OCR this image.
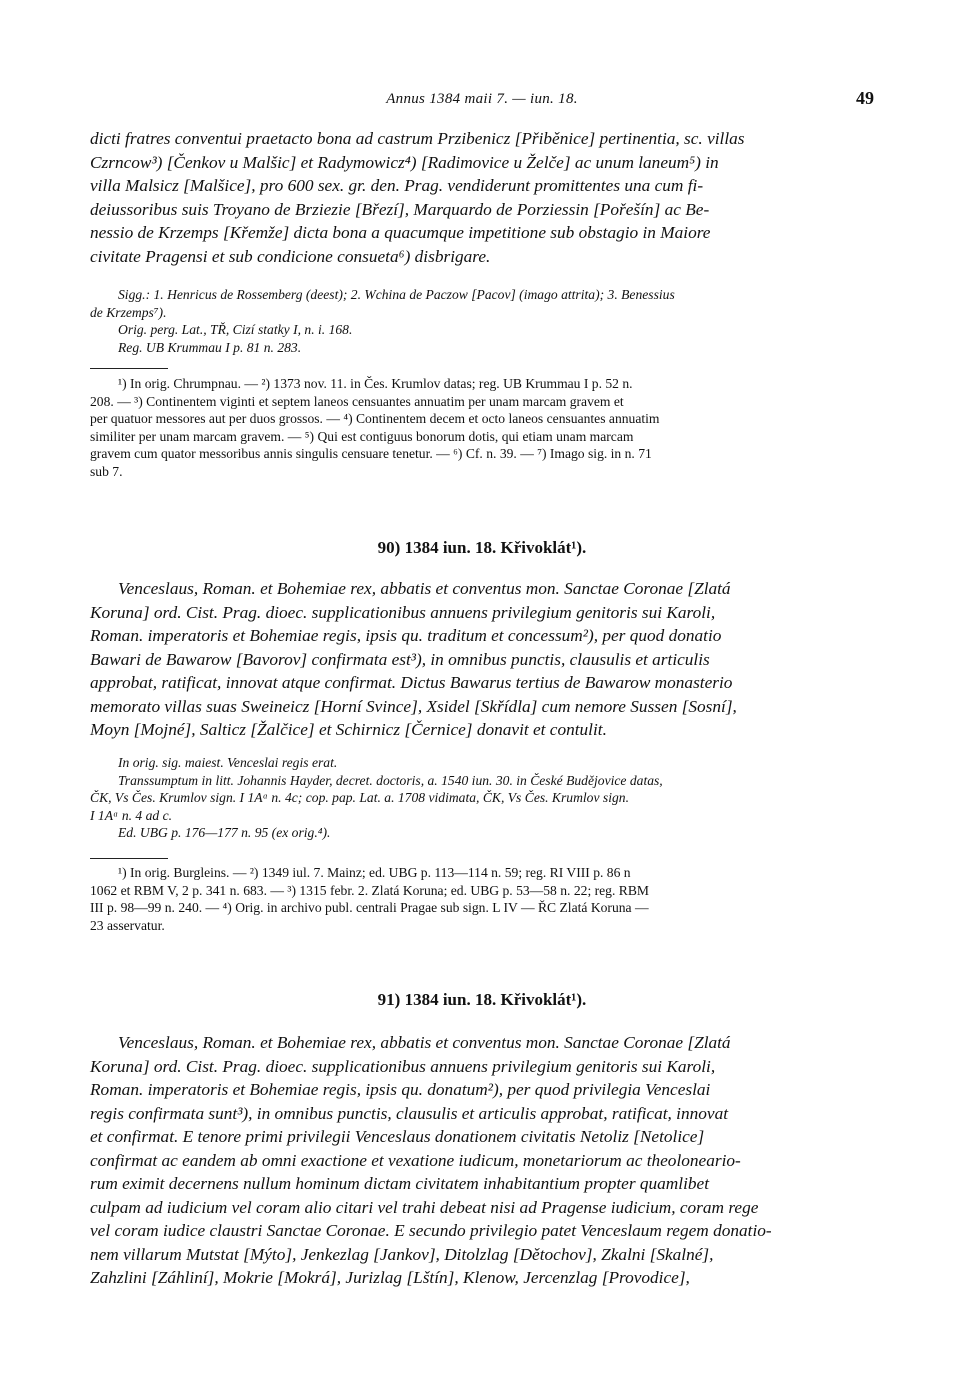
Annus 1384 maii 7. — iun. 18.	49
dicti fratres conventui praetacto bona ad castrum Przibenicz [Přiběnice] pertinentia, sc. villas
Czrncow³) [Čenkov u Malšic] et Radymowicz⁴) [Radimovice u Želče] ac unum laneum⁵) in
villa Malsicz [Malšice], pro 600 sex. gr. den. Prag. vendiderunt promittentes una cum fi-
deiussoribus suis Troyano de Brziezie [Březí], Marquardo de Porziessin [Pořešín] ac Be-
nessio de Krzemps [Křemže] dicta bona a quacumque impetitione sub obstagio in Maiore
civitate Pragensi et sub condicione consueta⁶) disbrigare.
Sigg.: 1. Henricus de Rossemberg (deest); 2. Wchina de Paczow [Pacov] (imago attrita); 3. Benessius
de Krzemps⁷).
Orig. perg. Lat., TŘ, Cizí statky I, n. i. 168.
Reg. UB Krummau I p. 81 n. 283.
¹) In orig. Chrumpnau. — ²) 1373 nov. 11. in Čes. Krumlov datas; reg. UB Krummau I p. 52 n.
208. — ³) Continentem viginti et septem laneos censuantes annuatim per unam marcam gravem et
per quatuor messores aut per duos grossos. — ⁴) Continentem decem et octo laneos censuantes annuatim
similiter per unam marcam gravem. — ⁵) Qui est contiguus bonorum dotis, qui etiam unam marcam
gravem cum quator messoribus annis singulis censuare tenetur. — ⁶) Cf. n. 39. — ⁷) Imago sig. in n. 71
sub 7.
90) 1384 iun. 18. Křivoklát¹).
Venceslaus, Roman. et Bohemiae rex, abbatis et conventus mon. Sanctae Coronae [Zlatá
Koruna] ord. Cist. Prag. dioec. supplicationibus annuens privilegium genitoris sui Karoli,
Roman. imperatoris et Bohemiae regis, ipsis qu. traditum et concessum²), per quod donatio
Bawari de Bawarow [Bavorov] confirmata est³), in omnibus punctis, clausulis et articulis
approbat, ratificat, innovat atque confirmat. Dictus Bawarus tertius de Bawarow monasterio
memorato villas suas Sweineicz [Horní Svince], Xsidel [Skřídla] cum nemore Sussen [Sosní],
Moyn [Mojné], Salticz [Žalčice] et Schirnicz [Černice] donavit et contulit.
In orig. sig. maiest. Venceslai regis erat.
Transsumptum in litt. Johannis Hayder, decret. doctoris, a. 1540 iun. 30. in České Budějovice datas,
ČK, Vs Čes. Krumlov sign. I 1Aᵅ n. 4c; cop. pap. Lat. a. 1708 vidimata, ČK, Vs Čes. Krumlov sign.
I 1Aᵅ n. 4 ad c.
Ed. UBG p. 176—177 n. 95 (ex orig.⁴).
¹) In orig. Burgleins. — ²) 1349 iul. 7. Mainz; ed. UBG p. 113—114 n. 59; reg. RI VIII p. 86 n
1062 et RBM V, 2 p. 341 n. 683. — ³) 1315 febr. 2. Zlatá Koruna; ed. UBG p. 53—58 n. 22; reg. RBM
III p. 98—99 n. 240. — ⁴) Orig. in archivo publ. centrali Pragae sub sign. L IV — ŘC Zlatá Koruna —
23 asservatur.
91) 1384 iun. 18. Křivoklát¹).
Venceslaus, Roman. et Bohemiae rex, abbatis et conventus mon. Sanctae Coronae [Zlatá
Koruna] ord. Cist. Prag. dioec. supplicationibus annuens privilegium genitoris sui Karoli,
Roman. imperatoris et Bohemiae regis, ipsis qu. donatum²), per quod privilegia Venceslai
regis confirmata sunt³), in omnibus punctis, clausulis et articulis approbat, ratificat, innovat
et confirmat. E tenore primi privilegii Venceslaus donationem civitatis Netoliz [Netolice]
confirmat ac eandem ab omni exactione et vexatione iudicum, monetariorum ac theoloneario-
rum eximit decernens nullum hominum dictam civitatem inhabitantium propter quamlibet
culpam ad iudicium vel coram alio citari vel trahi debeat nisi ad Pragense iudicium, coram rege
vel coram iudice claustri Sanctae Coronae. E secundo privilegio patet Venceslaum regem donatio-
nem villarum Mutstat [Mýto], Jenkezlag [Jankov], Ditolzlag [Dětochov], Zkalni [Skalné],
Zahzlini [Záhliní], Mokrie [Mokrá], Jurizlag [Lštín], Klenow, Jercenzlag [Provodice],
